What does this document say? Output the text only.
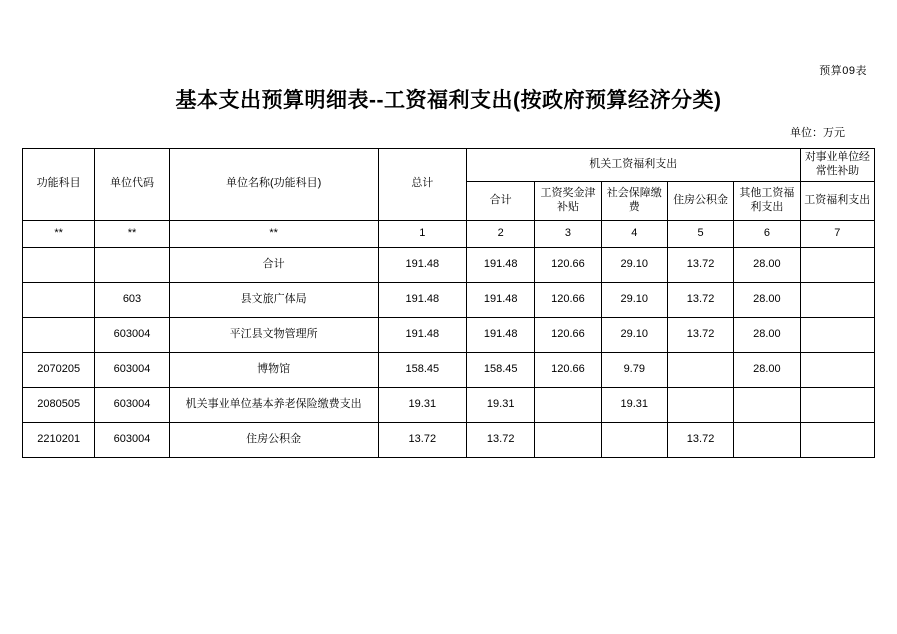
预算09表
基本支出预算明细表--工资福利支出(按政府预算经济分类)
单位：万元
功能科目	单位代码	单位名称(功能科目)	总计	机关工资福利支出					对事业单位经常性补助
				合计	工资奖金津补贴	社会保障缴费	住房公积金	其他工资福利支出	工资福利支出
**	**	**	1	2	3	4	5	6	7
		合计	191.48	191.48	120.66	29.10	13.72	28.00	
	603	县文旅广体局	191.48	191.48	120.66	29.10	13.72	28.00	
	603004	平江县文物管理所	191.48	191.48	120.66	29.10	13.72	28.00	
2070205	603004	博物馆	158.45	158.45	120.66	9.79		28.00	
2080505	603004	机关事业单位基本养老保险缴费支出	19.31	19.31		19.31			
2210201	603004	住房公积金	13.72	13.72			13.72		
